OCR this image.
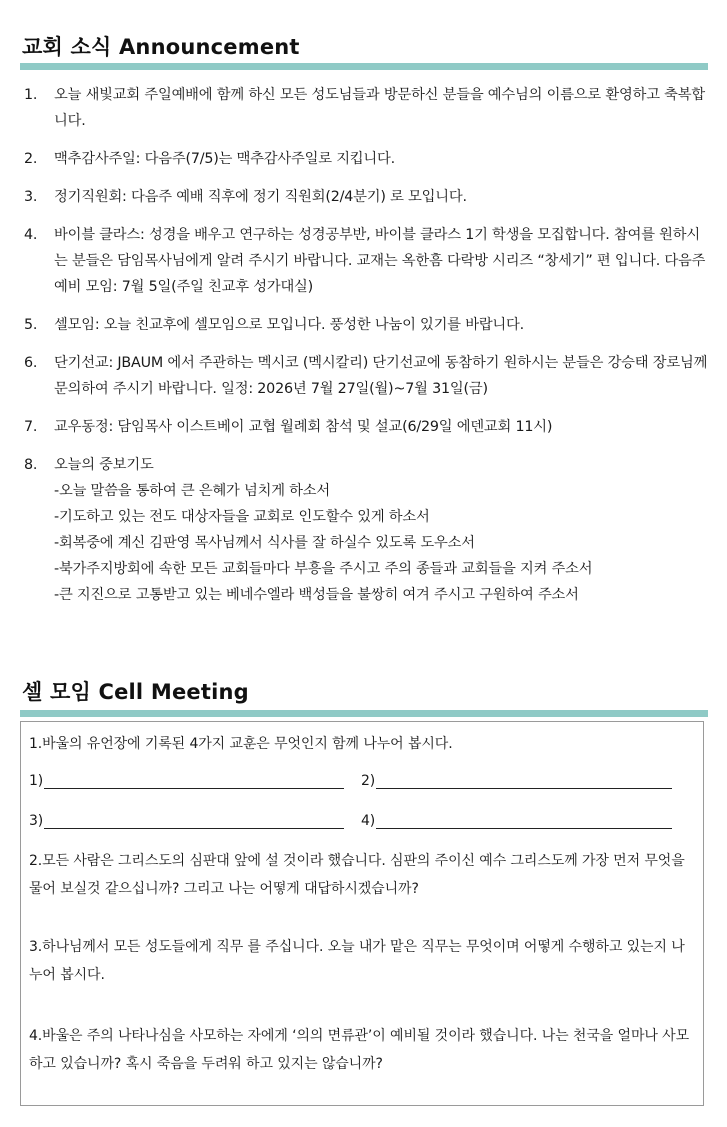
교회 소식 Announcement
1. 오늘 새빛교회 주일예배에 함께 하신 모든 성도님들과 방문하신 분들을 예수님의 이름으로 환영하고 축복합니다.
2. 맥추감사주일: 다음주(7/5)는 맥추감사주일로 지킵니다.
3. 정기직원회: 다음주 예배 직후에 정기 직원회(2/4분기) 로 모입니다.
4. 바이블 클라스: 성경을 배우고 연구하는 성경공부반, 바이블 클라스 1기 학생을 모집합니다. 참여를 원하시는 분들은 담임목사님에게 알려 주시기 바랍니다. 교재는 옥한흠 다락방 시리즈 “창세기” 편 입니다. 다음주 예비 모임: 7월 5일(주일 친교후 성가대실)
5. 셀모임: 오늘 친교후에 셀모임으로 모입니다. 풍성한 나눔이 있기를 바랍니다.
6. 단기선교: JBAUM 에서 주관하는 멕시코 (멕시칼리) 단기선교에 동참하기 원하시는 분들은 강승태 장로님께 문의하여 주시기 바랍니다. 일정: 2026년 7월 27일(월)~7월 31일(금)
7. 교우동정: 담임목사 이스트베이 교협 월례회 참석 및 설교(6/29일 에덴교회 11시)
8. 오늘의 중보기도
-오늘 말씀을 통하여 큰 은혜가 넘치게 하소서
-기도하고 있는 전도 대상자들을 교회로 인도할수 있게 하소서
-회복중에 계신 김판영 목사님께서 식사를 잘 하실수 있도록 도우소서
-북가주지방회에 속한 모든 교회들마다 부흥을 주시고 주의 종들과 교회들을 지켜 주소서
-큰 지진으로 고통받고 있는 베네수엘라 백성들을 불쌍히 여겨 주시고 구원하여 주소서
셀 모임 Cell Meeting

1.바울의 유언장에 기록된 4가지 교훈은 무엇인지 함께 나누어 봅시다.

1)	2)
3)	4)

2.모든 사람은 그리스도의 심판대 앞에 설 것이라 했습니다. 심판의 주이신 예수 그리스도께 가장 먼저 무엇을 물어 보실것 같으십니까? 그리고 나는 어떻게 대답하시겠습니까?

3.하나님께서 모든 성도들에게 직무 를 주십니다. 오늘 내가 맡은 직무는 무엇이며 어떻게 수행하고 있는지 나누어 봅시다.

4.바울은 주의 나타나심을 사모하는 자에게 ‘의의 면류관’이 예비될 것이라 했습니다. 나는 천국을 얼마나 사모하고 있습니까? 혹시 죽음을 두려워 하고 있지는 않습니까?
